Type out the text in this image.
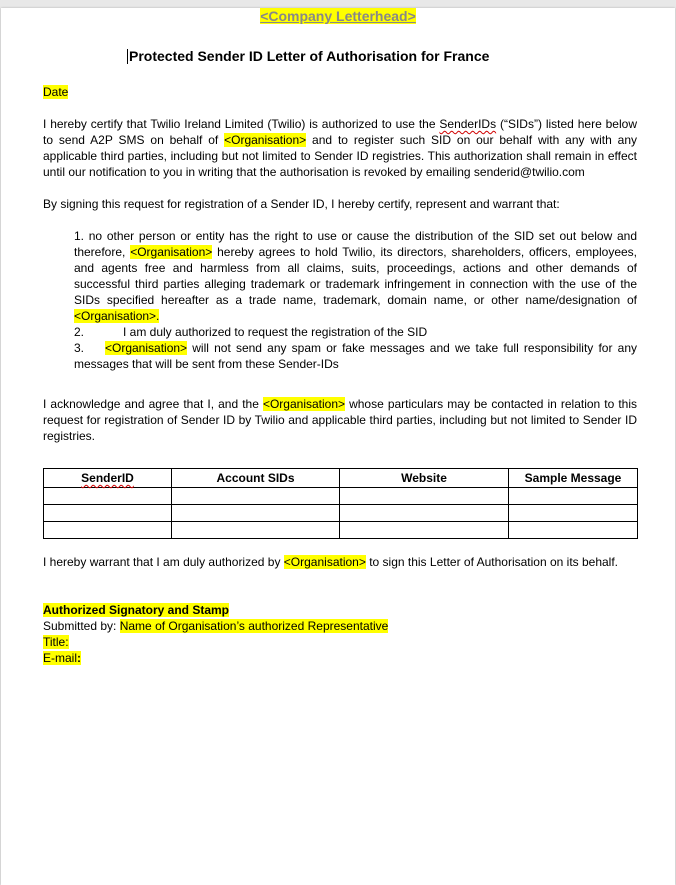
<Company Letterhead>
Protected Sender ID Letter of Authorisation for France
Date
I hereby certify that Twilio Ireland Limited (Twilio) is authorized to use the SenderIDs (“SIDs”) listed here below to send A2P SMS on behalf of <Organisation> and to register such SID on our behalf with any with any applicable third parties, including but not limited to Sender ID registries. This authorization shall remain in effect until our notification to you in writing that the authorisation is revoked by emailing senderid@twilio.com
By signing this request for registration of a Sender ID, I hereby certify, represent and warrant that:
1. no other person or entity has the right to use or cause the distribution of the SID set out below and therefore, <Organisation> hereby agrees to hold Twilio, its directors, shareholders, officers, employees, and agents free and harmless from all claims, suits, proceedings, actions and other demands of successful third parties alleging trademark or trademark infringement in connection with the use of the SIDs specified hereafter as a trade name, trademark, domain name, or other name/designation of <Organisation>.
2.	I am duly authorized to request the registration of the SID
3. <Organisation> will not send any spam or fake messages and we take full responsibility for any messages that will be sent from these Sender-IDs
I acknowledge and agree that I, and the <Organisation> whose particulars may be contacted in relation to this request for registration of Sender ID by Twilio and applicable third parties, including but not limited to Sender ID registries.
SenderID	Account SIDs	Website	Sample Message

I hereby warrant that I am duly authorized by <Organisation> to sign this Letter of Authorisation on its behalf.
Authorized Signatory and Stamp
Submitted by: Name of Organisation’s authorized Representative
Title:
E-mail:
